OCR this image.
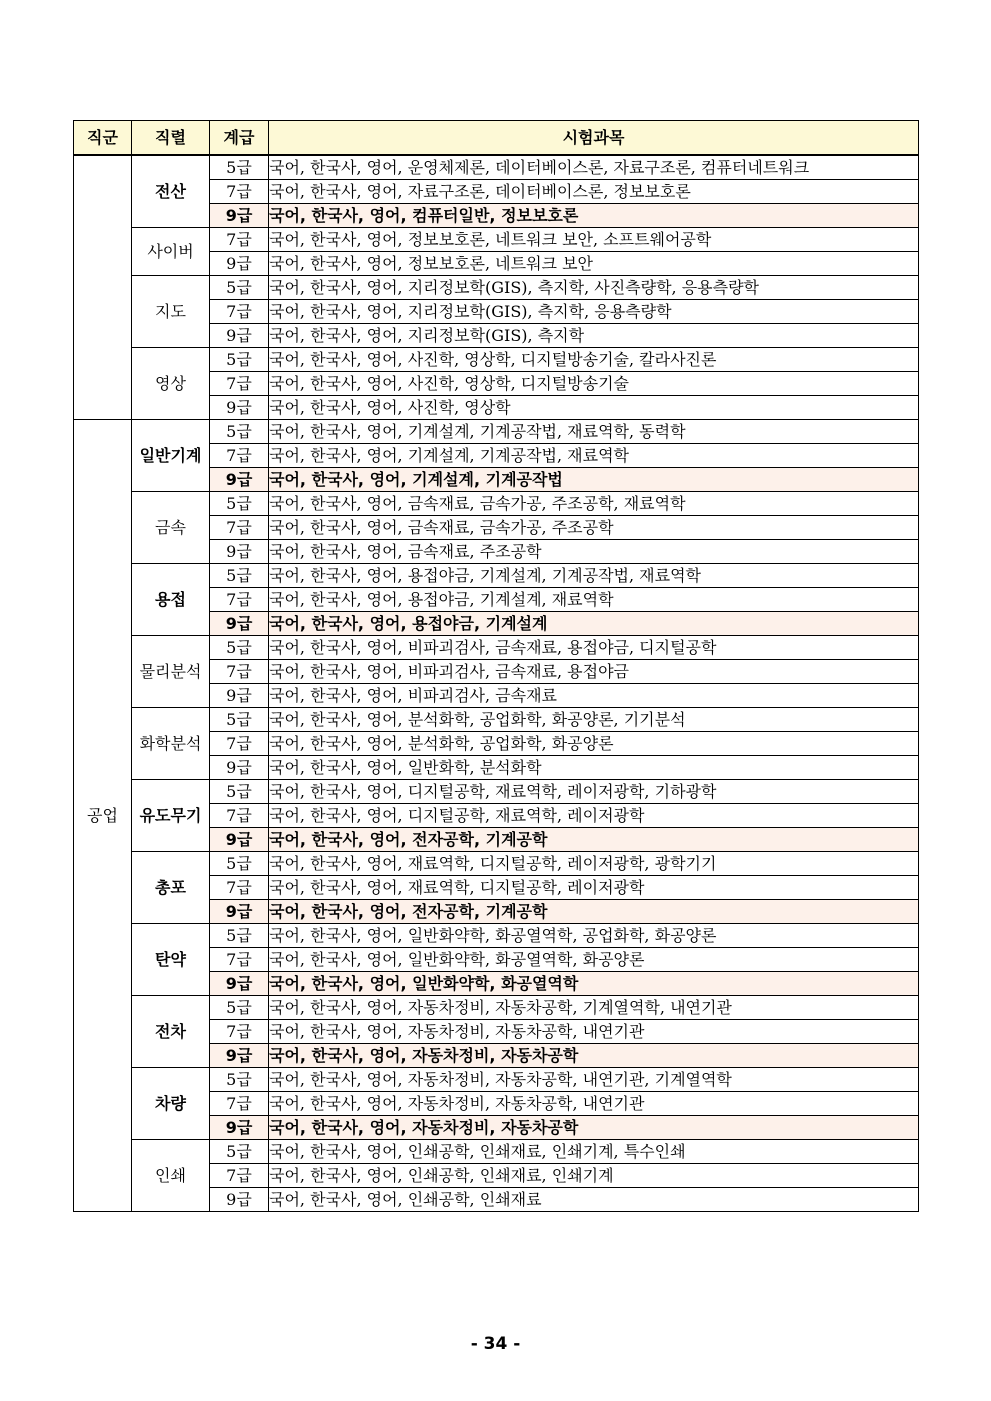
직군	직렬	계급	시험과목
	전산	5급	국어, 한국사, 영어, 운영체제론, 데이터베이스론, 자료구조론, 컴퓨터네트워크
		7급	국어, 한국사, 영어, 자료구조론, 데이터베이스론, 정보보호론
		9급	국어, 한국사, 영어, 컴퓨터일반, 정보보호론
	사이버	7급	국어, 한국사, 영어, 정보보호론, 네트워크 보안, 소프트웨어공학
		9급	국어, 한국사, 영어, 정보보호론, 네트워크 보안
	지도	5급	국어, 한국사, 영어, 지리정보학(GIS), 측지학, 사진측량학, 응용측량학
		7급	국어, 한국사, 영어, 지리정보학(GIS), 측지학, 응용측량학
		9급	국어, 한국사, 영어, 지리정보학(GIS), 측지학
	영상	5급	국어, 한국사, 영어, 사진학, 영상학, 디지털방송기술, 칼라사진론
		7급	국어, 한국사, 영어, 사진학, 영상학, 디지털방송기술
		9급	국어, 한국사, 영어, 사진학, 영상학
공업	일반기계	5급	국어, 한국사, 영어, 기계설계, 기계공작법, 재료역학, 동력학
		7급	국어, 한국사, 영어, 기계설계, 기계공작법, 재료역학
		9급	국어, 한국사, 영어, 기계설계, 기계공작법
	금속	5급	국어, 한국사, 영어, 금속재료, 금속가공, 주조공학, 재료역학
		7급	국어, 한국사, 영어, 금속재료, 금속가공, 주조공학
		9급	국어, 한국사, 영어, 금속재료, 주조공학
	용접	5급	국어, 한국사, 영어, 용접야금, 기계설계, 기계공작법, 재료역학
		7급	국어, 한국사, 영어, 용접야금, 기계설계, 재료역학
		9급	국어, 한국사, 영어, 용접야금, 기계설계
	물리분석	5급	국어, 한국사, 영어, 비파괴검사, 금속재료, 용접야금, 디지털공학
		7급	국어, 한국사, 영어, 비파괴검사, 금속재료, 용접야금
		9급	국어, 한국사, 영어, 비파괴검사, 금속재료
	화학분석	5급	국어, 한국사, 영어, 분석화학, 공업화학, 화공양론, 기기분석
		7급	국어, 한국사, 영어, 분석화학, 공업화학, 화공양론
		9급	국어, 한국사, 영어, 일반화학, 분석화학
	유도무기	5급	국어, 한국사, 영어, 디지털공학, 재료역학, 레이저광학, 기하광학
		7급	국어, 한국사, 영어, 디지털공학, 재료역학, 레이저광학
		9급	국어, 한국사, 영어, 전자공학, 기계공학
	총포	5급	국어, 한국사, 영어, 재료역학, 디지털공학, 레이저광학, 광학기기
		7급	국어, 한국사, 영어, 재료역학, 디지털공학, 레이저광학
		9급	국어, 한국사, 영어, 전자공학, 기계공학
	탄약	5급	국어, 한국사, 영어, 일반화약학, 화공열역학, 공업화학, 화공양론
		7급	국어, 한국사, 영어, 일반화약학, 화공열역학, 화공양론
		9급	국어, 한국사, 영어, 일반화약학, 화공열역학
	전차	5급	국어, 한국사, 영어, 자동차정비, 자동차공학, 기계열역학, 내연기관
		7급	국어, 한국사, 영어, 자동차정비, 자동차공학, 내연기관
		9급	국어, 한국사, 영어, 자동차정비, 자동차공학
	차량	5급	국어, 한국사, 영어, 자동차정비, 자동차공학, 내연기관, 기계열역학
		7급	국어, 한국사, 영어, 자동차정비, 자동차공학, 내연기관
		9급	국어, 한국사, 영어, 자동차정비, 자동차공학
	인쇄	5급	국어, 한국사, 영어, 인쇄공학, 인쇄재료, 인쇄기계, 특수인쇄
		7급	국어, 한국사, 영어, 인쇄공학, 인쇄재료, 인쇄기계
		9급	국어, 한국사, 영어, 인쇄공학, 인쇄재료
- 34 -
